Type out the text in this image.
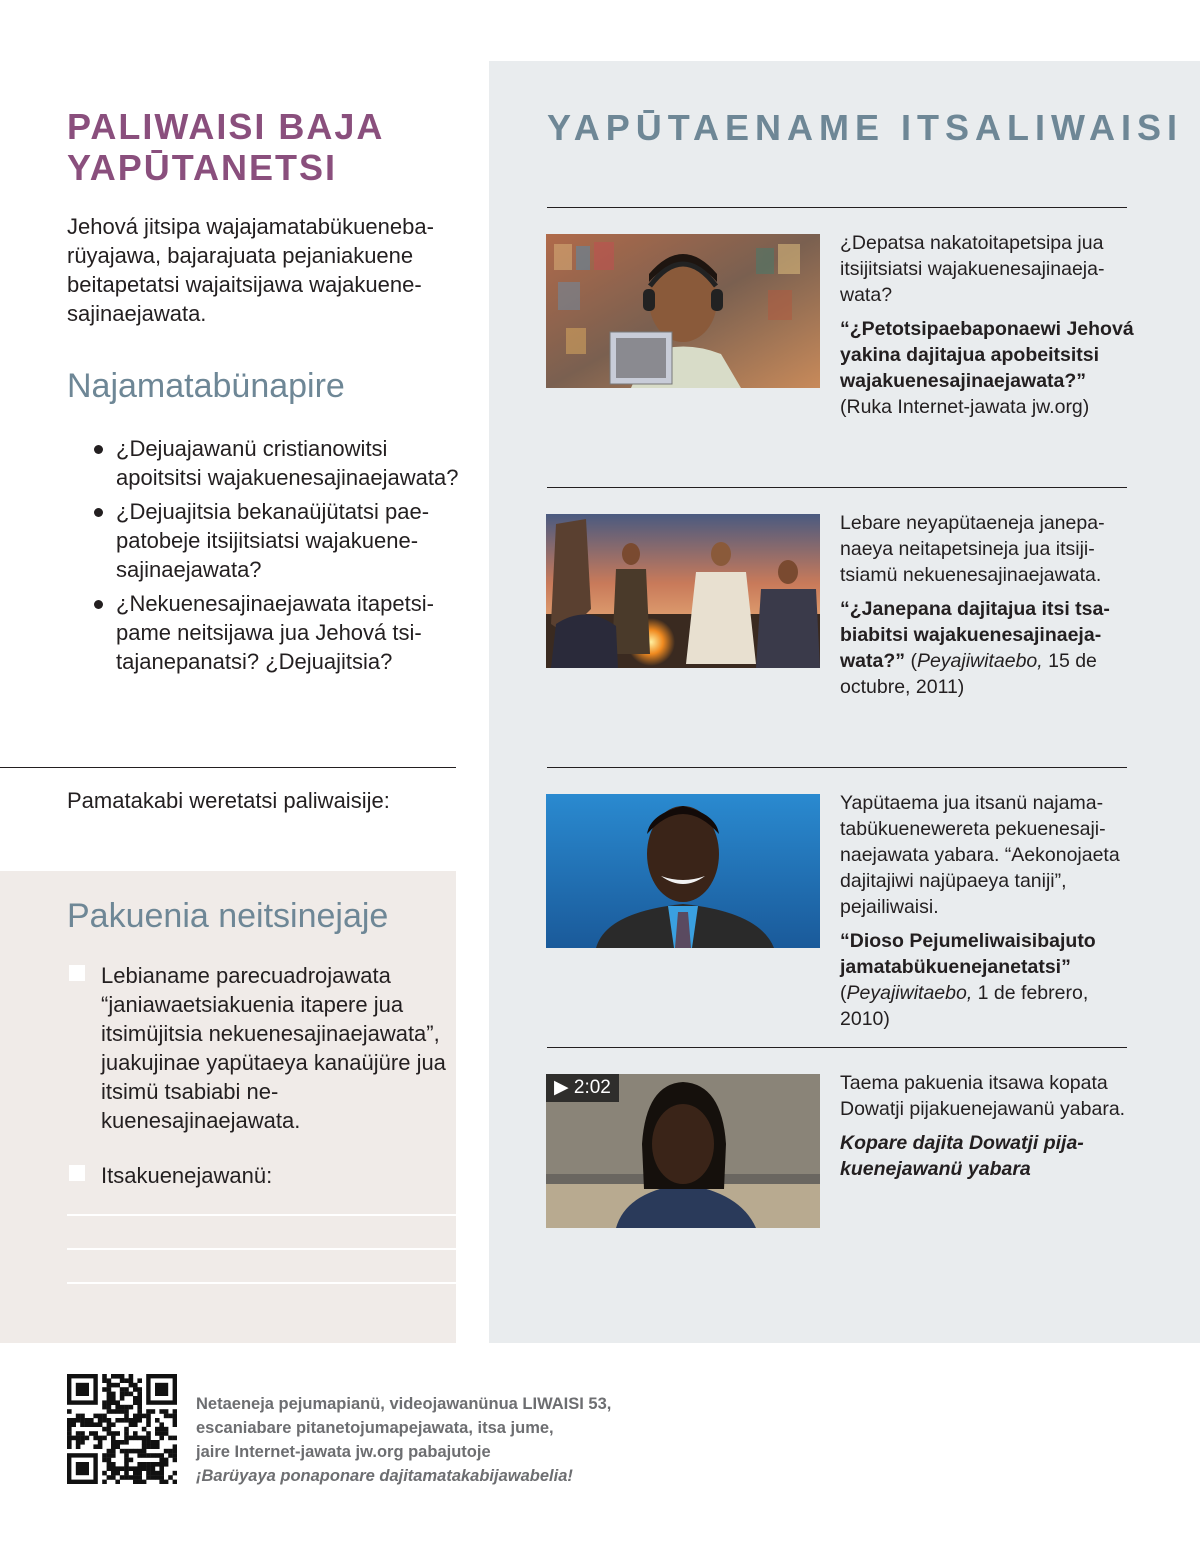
PALIWAISI BAJA YAPŪTANETSI

Jehová jitsipa wajajamatabükuenebarüyajawa, bajarajuata pejaniakuene beitapetatsi wajaitsijawa wajakuenesajinaejawata.

Najamatabünapire
¿Dejuajawanü cristianowitsi apoitsitsi wajakuenesajinaejawata?
¿Dejuajitsia bekanaüjütatsi paepatobeje itsijitsiatsi wajakuenesajinaejawata?
¿Nekuenesajinaejawata itapetsipame neitsijawa jua Jehová tsitajanepanatsi? ¿Dejuajitsia?

Pamatakabi weretatsi paliwaisije:

Pakuenia neitsinejaje
Lebianame parecuadrojawata “janiawaetsiakuenia itapere jua itsimüjitsia nekuenesajinaejawata”, juakujinae yapütaeya kanaüjüre jua itsimü tsabiabi nekuenesajinaejawata.
Itsakuenejawanü:
YAPŪTAENAME ITSALIWAISI

¿Depatsa nakatoitapetsipa jua itsijitsiatsi wajakuenesajinaejawata?

“¿Petotsipaebaponaewi Jehová yakina dajitajua apobeitsitsi wajakuenesajinaejawata?” (Ruka Internet-jawata jw.org)

Lebare neyapütaeneja janepanaeya neitapetsineja jua itsijitsiamü nekuenesajinaejawata.

“¿Janepana dajitajua itsi tsabiabitsi wajakuenesajinaejawata?” (Peyajiwitaebo, 15 de octubre, 2011)

Yapütaema jua itsanü najamatabükuenewereta pekuenesajinaejawata yabara. “Aekonojaeta dajitajiwi najüpaeya taniji”, pejailiwaisi.

“Dioso Pejumeliwaisibajuto jamatabükuenejanetatsi” (Peyajiwitaebo, 1 de febrero, 2010)

▶ 2:02	Taema pakuenia itsawa kopata Dowatji pijakuenejawanü yabara.

Kopare dajita Dowatji pijakuenejawanü yabara

Netaeneja pejumapianü, videojawanünua LIWAISI 53,
escaniabare pitanetojumapejawata, itsa jume,
jaire Internet-jawata jw.org pabajutoje
¡Barüyaya ponaponare dajitamatakabijawabelia!
